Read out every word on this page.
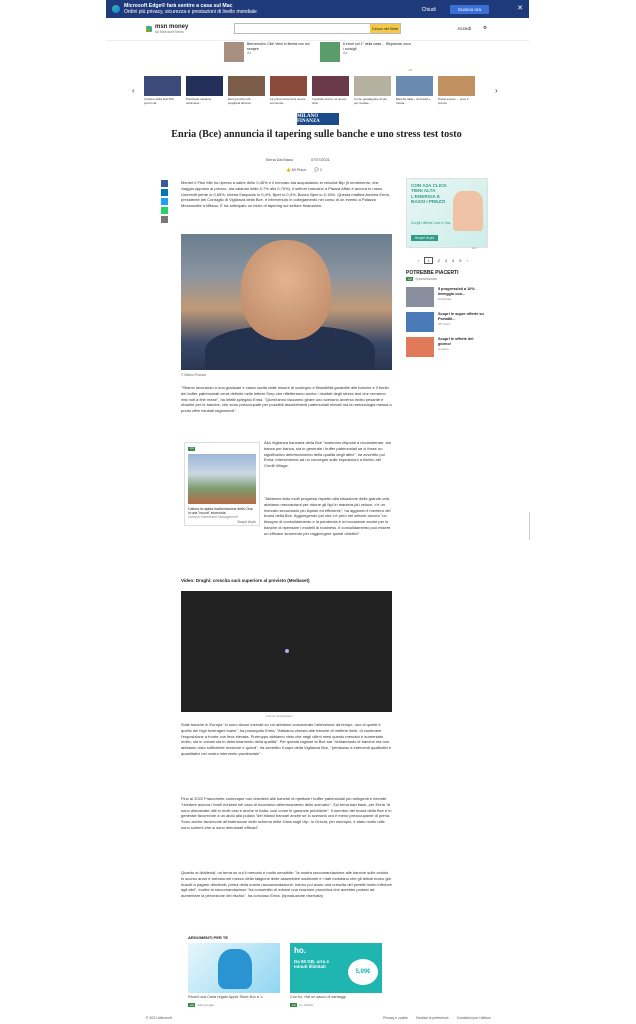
Microsoft Edge® farà sentire a casa sul Mac
Ordini più privacy, sicurezza e prestazioni di livello mondiale	Chiudi	Scarica ora	✕
msn money
da Microsoft News
Cerca nel Web	Accedi	⚙
Benvenuti in Cile! Vieni in libertà con noi sempre
Ad
6 errori sul 1° della carta ... Risparmia, ecco i consigli
Ad
Ad
‹	›
Il ritorno della Fiat 500 pronti via...
Pacchetto vacanze settimana...
Ecco perché tutti ... spaghetti all'uovo
La prima Cina ha la nuova economia...
Il grande ritorno, la nuova città...
Come guadagnare di più per l'estate...
Banche Italia - Unicredit e Intesa...
Potrai essere ... ecco il prezzo
MILANO FINANZA
Enria (Bce) annuncia il tapering sulle banche e uno stress test tosto
Elena Dal Maso	07/07/2021
👍 Mi Piace 💬 2

Mentre il Ftse Mib ha ripreso a salire dello 0,45% e il mercato sta acquistando in velocità Btp (il rendimento, che viaggia opposto al prezzo, sta calando dallo 0,7% allo 0,70%), il settore bancario a Piazza Affari è ancora in rosso. Unicredit perde lo 0,65%, Intesa Sanpaolo lo 0,4%, Bper lo 0,3%, Banco Bpm lo 0,15%. Questa mattina Andrea Enria, presidente del Consiglio di Vigilanza della Bce, è intervenuto in collegamento nel corso di un evento a Palazzo Mezzanotte a Milano. E ha anticipato un inizio di tapering sul settore finanziario.

© Milano Finanza

"Stiamo lavorando a una graduale e cauta uscita dalle misure di sostegno e flessibilità garantite alle banche e il livello dei buffer patrimoniali verrà definito nelle lettere Srep che rifletteranno anche i risultati degli stress test che verranno resi noti a fine mese", ha infatti spiegato Enria. "Quest'anno facciamo girare uno scenario avverso molto pesante e ribadire per le banche, che sono preoccupate per possibili assorbimenti patrimoniali elevati ma la metodologia messa a punto offre risultati ragionevoli".

Ad
Cattura la rapida trasformazione della Cina in una "nuova" economia.
Invesco Investment Management

Scopri di più

Alla Vigilanza bancaria della Bce "saremmo disposti a riconsiderare, sia banca per banca, sia in generale i buffer patrimoniali se ci fosse un significativo deterioramento della qualità degli attivi", ha avvertito poi Enria, intervenendo ad un convegno sulle esposizioni a rischio del Credit Village.

"Abbiamo fatto molti progressi rispetto alla situazione della grande crisi, abbiamo meccanismi per ridurre gli Npl in maniera più veloce, c'è un mercato secondario più liquido ed efficiente", ha aggiunto il membro del board della Bce. Aggiungendo poi che c'è però nel settore ancora "un bisogno di consolidamento e la pandemia è un'occasione anche per le banche di ripensare i modelli di business. Il consolidamento può essere un efficace strumento per raggiungere questi obiettivi".

Video: Draghi: crescita sarà superiore al previsto (Mediaset)
Fornito da Mediaset

Sulle banche in Europa "ci sono alcuni mercati su cui abbiamo concentrato l'attenzione da tempo, uno di questi è quello dei high leveraged loans", ha proseguito Enria. "Abbiamo chiesto alle banche di mettere limiti, di contenere l'esposizione a fronte con leva elevata. Purtroppo abbiamo visto che negli ultimi mesi questo mercato è aumentato molto, sia in volumi sia in deterioramento della qualità". Per questa ragione la Bce sta "richiamando le banche ma non abbiamo visto sufficiente reazione e quindi", ha avvertito il capo della Vigilanza Bce, "pensiamo a interventi qualitativi e quantitativi nel nostro intervento prudenziale".

Fino al 2022 Francoforte comunque non chiederà alle banche di ripettare i buffer patrimoniali più stringenti e intende "rivedere ancora i livelli richiesti nel caso di eccessivo deterioramento dello scenario". Sul tema bad bank, per Enria "si sono dimostrate utili in molti casi e anche in Italia, così come le garanzie pubbliche". Il membro del board della Bce è in generale favorevole a un aiuto alla pulizia "dei bilanci bancari anche se lo scenario ora è meno preoccupante di prima. Sono anche favorevole all'estensione dello schema delle Gacs sugli Utp. In Grecia, per esempio, è stato molto utile sono schemi che si sono dimostrati efficaci".

Quanto ai dividendi, un tema su cui il mercato è molto sensibile: "la nostra raccomandazione alle banche sulle cedole in scorso anno è arrivata nel mezzo della stagione delle assemblee societarie e i dati mostrano che gli istituti erano già riusciti a pagare dividendi; prima della nostra raccomandazione, hanno poi avuto una crescita dei prestiti molto inferiore agli altri". Inoltre la raccomandazione "ha consentito di evitare una reazione prociclica che avrebbe portato ad aumentare la percezione del rischio", ha concluso Enria. (riproduzione riservata)

CON A2A CLICK TIENI ALTA L'ENERGIA E BASSI I PREZZI
Scegli l'offerta Luce e Gas
Scopri di più
Ad
‹	1	2 3 4 5 ›
POTREBBE PIACERTI
Ad Sponsorizzato
5 progressisti a 10% . Intreggio con...
Pubblicità
Scopri le super offerte su Portatili...
HP Store
Scopri le offerte del giorno!
Amazon
ARGOMENTI PER TE
ho.
Da 50 GB, urra e minuti illimitati
5,99€
Ricarii una Carta regalo Apple Store fino a 1...
Ad A2A energia
Con ho. Hai un sacco di vantaggi
Ad ho. Mobile
© 2021 Microsoft	Privacy e cookie Gestisci le preferenze Condizioni per l'utilizzo
